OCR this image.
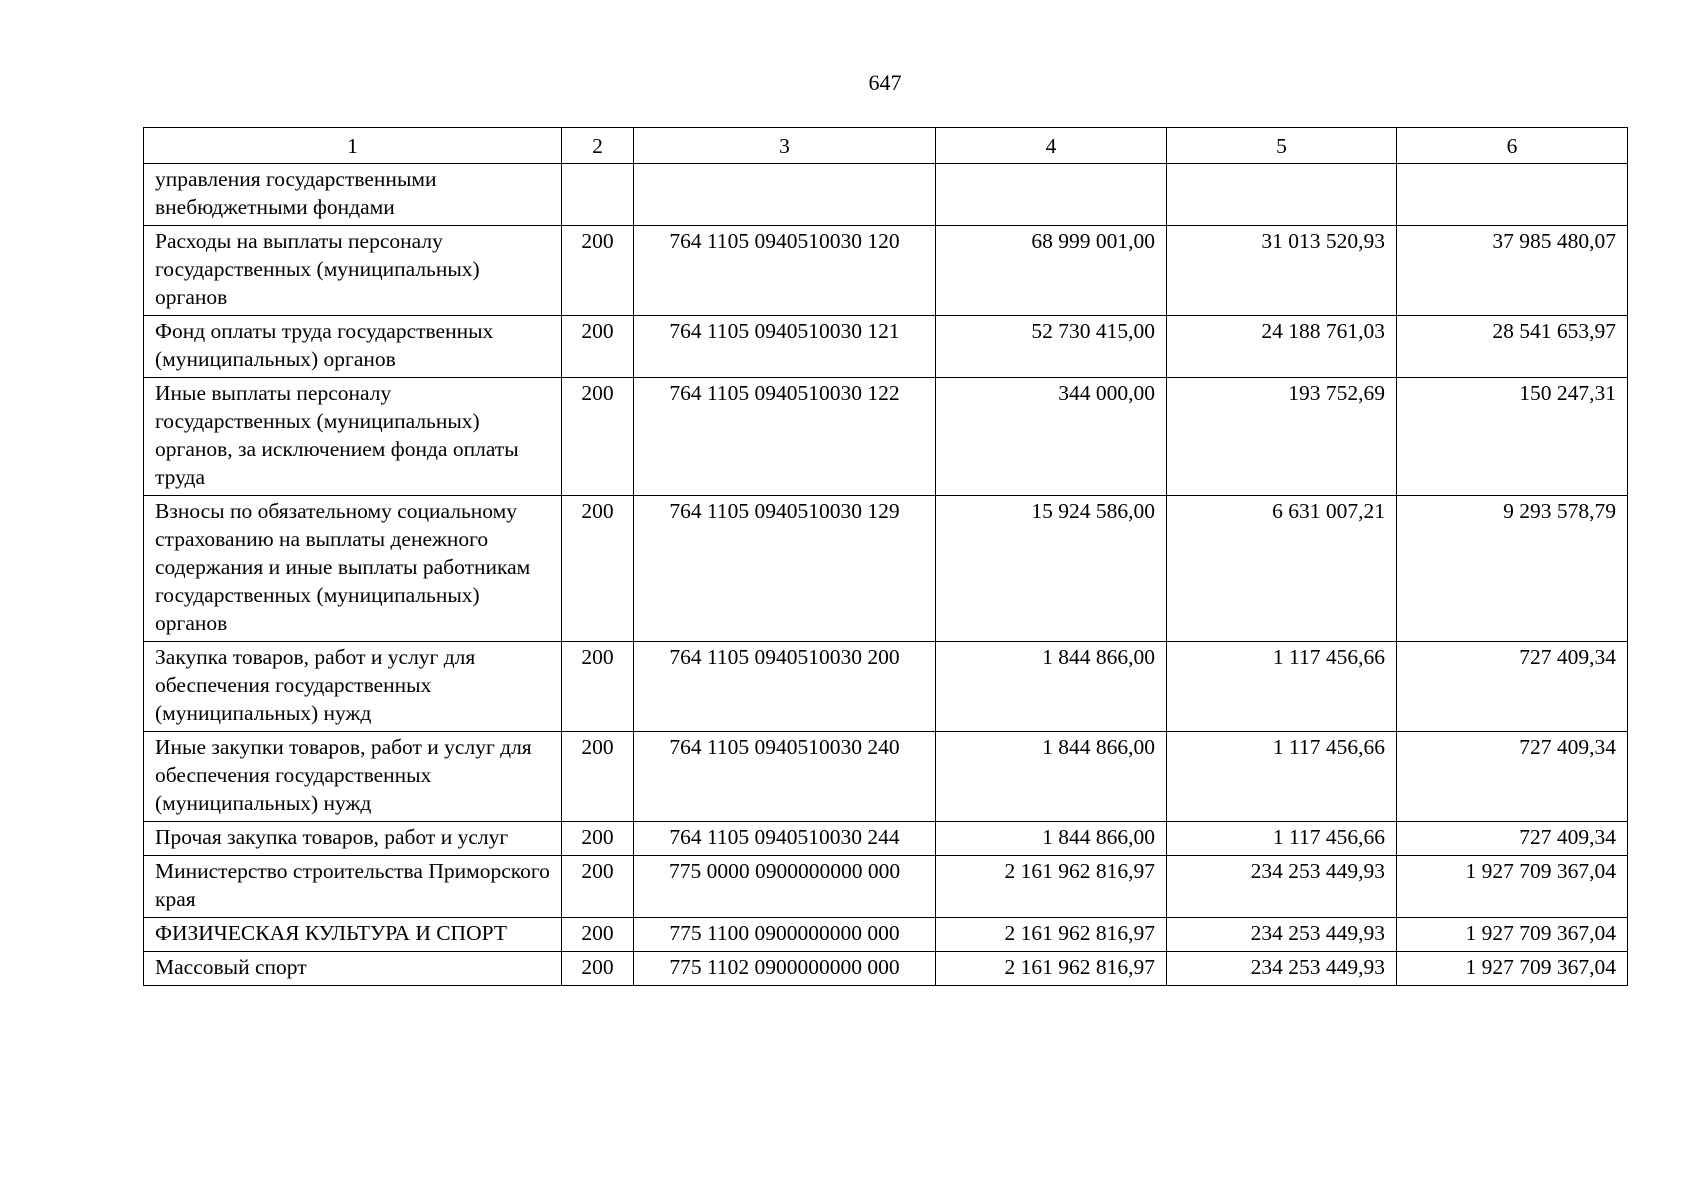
647
1	2	3	4	5	6
управления государственными внебюджетными фондами					
Расходы на выплаты персоналу государственных (муниципальных) органов	200	764 1105 0940510030 120	68 999 001,00	31 013 520,93	37 985 480,07
Фонд оплаты труда государственных (муниципальных) органов	200	764 1105 0940510030 121	52 730 415,00	24 188 761,03	28 541 653,97
Иные выплаты персоналу государственных (муниципальных) органов, за исключением фонда оплаты труда	200	764 1105 0940510030 122	344 000,00	193 752,69	150 247,31
Взносы по обязательному социальному страхованию на выплаты денежного содержания и иные выплаты работникам государственных (муниципальных) органов	200	764 1105 0940510030 129	15 924 586,00	6 631 007,21	9 293 578,79
Закупка товаров, работ и услуг для обеспечения государственных (муниципальных) нужд	200	764 1105 0940510030 200	1 844 866,00	1 117 456,66	727 409,34
Иные закупки товаров, работ и услуг для обеспечения государственных (муниципальных) нужд	200	764 1105 0940510030 240	1 844 866,00	1 117 456,66	727 409,34
Прочая закупка товаров, работ и услуг	200	764 1105 0940510030 244	1 844 866,00	1 117 456,66	727 409,34
Министерство строительства Приморского края	200	775 0000 0900000000 000	2 161 962 816,97	234 253 449,93	1 927 709 367,04
ФИЗИЧЕСКАЯ КУЛЬТУРА И СПОРТ	200	775 1100 0900000000 000	2 161 962 816,97	234 253 449,93	1 927 709 367,04
Массовый спорт	200	775 1102 0900000000 000	2 161 962 816,97	234 253 449,93	1 927 709 367,04
